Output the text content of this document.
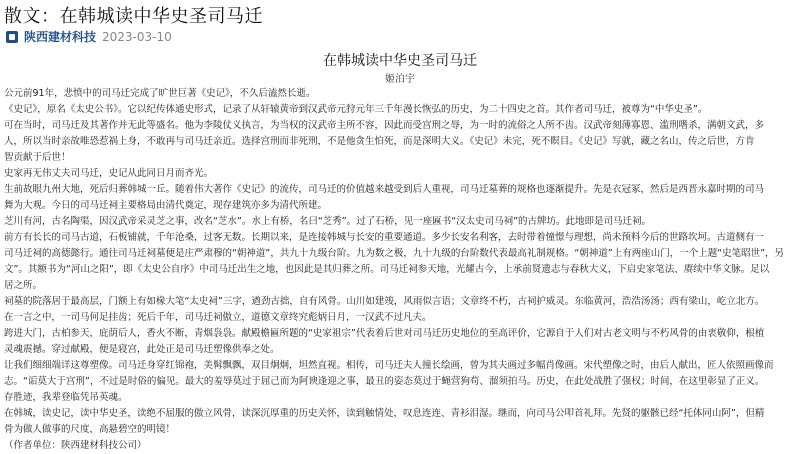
散文：在韩城读中华史圣司马迁
陕西建材科技 2023-03-10
在韩城读中华史圣司马迁
姬泊宇

公元前91年，悲愤中的司马迁完成了旷世巨著《史记》，不久后溘然长逝。

《史记》，原名《太史公书》。它以纪传体通史形式，记录了从轩辕黄帝到汉武帝元狩元年三千年漫长恢弘的历史，为二十四史之首。其作者司马迁，被尊为“中华史圣”。

可在当时，司马迁及其著作并无此等盛名。他为李陵仗义执言，为当权的汉武帝主所不容，因此而受宫刑之辱，为一时的流俗之人所不齿。汉武帝刻薄寡恩、滥刑嗜杀，满朝文武，多

人，所以当时亲故唯恐惹祸上身，不敢再与司马迁亲近。选择宫刑而非死刑，不是他贪生怕死，而是深明大义。《史记》未完，死不瞑目。《史记》写就，藏之名山，传之后世，方肯

智贡献于后世！

史家再无伟丈夫司马迁，史记从此同日月而齐光。

生前故眼九州大地，死后归葬韩城一丘。随着伟大著作《史记》的流传，司马迁的价值越来越受到后人重视，司马迁墓葬的规格也逐渐提升。先是衣冠冢，然后是西晋永嘉时期的司马

舞为大观。今日的司马迁祠主要格局由清代奠定，现存建筑亦多为清代所建。

芝川有河，古名陶渠，因汉武帝采灵芝之事，改名“芝水”。水上有桥，名曰“芝秀”。过了石桥，见一座匾书“汉太史司马祠”的古牌坊。此地即是司马迁祠。

前方有长长的司马古道，石板铺就，千年沧桑，过客无数。长期以来，是连接韩城与长安的重要通道。多少长安名利客，去时带着憧憬与理想，尚未预料今后的世路坎坷。古道侧有一

司马迁祠的高德懿行。通往司马迁祠墓便是庄严肃穆的“朝神道”，共九十九级台阶。九为数之极，九十九级的台阶数代表最高礼制规格。“朝神道”上有两座山门，一个上题“史笔昭世”，另

文”。其额书为“河山之阳”，即《太史公自序》中司马迁出生之地，也因此是其归葬之所。司马迁祠参天地，光耀古今，上承前贤遗志与春秋大义，下启史家笔法、赓续中华文脉。足以

居之所。

祠墓的院落居于最高层，门额上有如椽大笔“太史祠”三字，遒劲古拙，自有风骨。山川如建竣，风雨似言语；文章终不朽，古祠护威灵。东临黄河，浩浩汤汤；西有梁山，屹立北方。

在一言之中，一司马何足挂齿；死后千年，司马迁祠傲立，道德文章终究彪炳日月，一汉武不过凡夫。

跨进大门，古柏参天，庇荫后人，香火不断，青烟袅袅。献殿檐匾所题的“史家祖宗”代表着后世对司马迁历史地位的至高评价，它源自于人们对古老文明与不朽风骨的由衷敬仰，根植

灵魂震撼。穿过献殿，便是寝宫，此处正是司马迁塑像供奉之处。

让我们细细端详这尊塑像。司马迁身穿红锦袍，美髯飘飘，双目炯炯，坦然直视。相传，司马迁夫人撞长绘画，曾为其夫画过多幅肖像画。宋代塑像之时，由后人献出，匠人依照画像而

志。“诟莫大于宫刑”，不过是时俗的偏见。最大的羞辱莫过于屈己而为阿谀逢迎之事，最丑的姿态莫过于蝇营狗苟、溜须拍马。历史，在此处战胜了强权；时间，在这里彰显了正义。

存胜迹，我辈登临凭吊英魂。

在韩城，读史记，读中华史圣，读绝不屈服的傲立风骨，读深沉厚重的历史关怀，读到触情处，叹息连连、青衫泪湿。继而，向司马公叩首礼拜。先贤的躯骸已经“托体同山阿”，但精

骨为做人做事的尺度，高悬碧空的明镜！

（作者单位：陕西建材科技公司）
